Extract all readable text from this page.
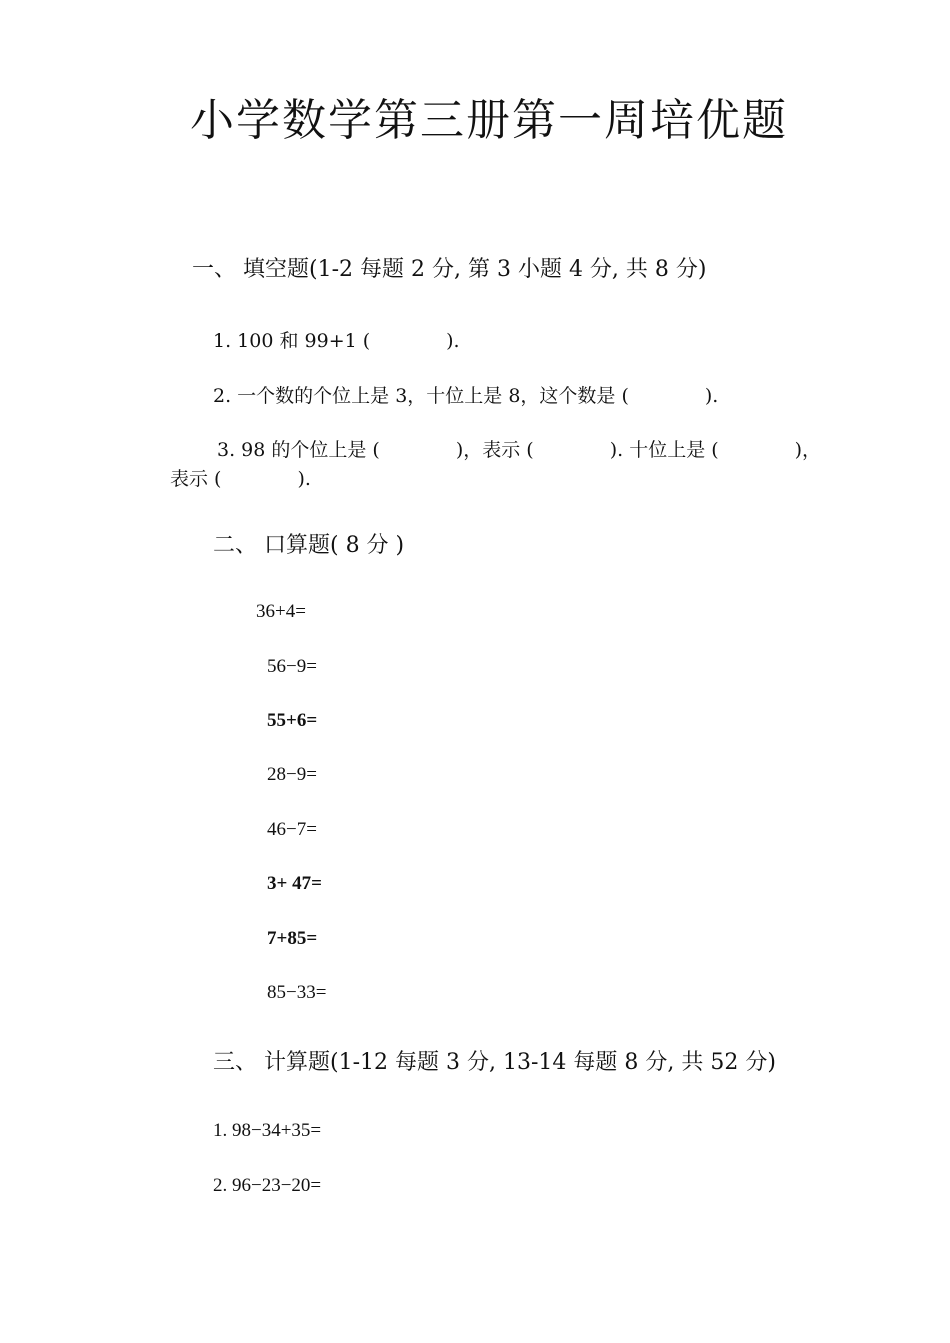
小学数学第三册第一周培优题
一、 填空题(1-2 每题 2 分, 第 3 小题 4 分, 共 8 分)
1. 100 和 99+1 (　　　　).
2. 一个数的个位上是 3，十位上是 8，这个数是 (　　　　).
3. 98 的个位上是 (　　　　)，表示 (　　　　). 十位上是 (　　　　)，
表示 (　　　　).
二、 口算题( 8 分 )
36+4=
56−9=
55+6=
28−9=
46−7=
3+ 47=
7+85=
85−33=
三、 计算题(1-12 每题 3 分, 13-14 每题 8 分, 共 52 分)
1. 98−34+35=
2. 96−23−20=
